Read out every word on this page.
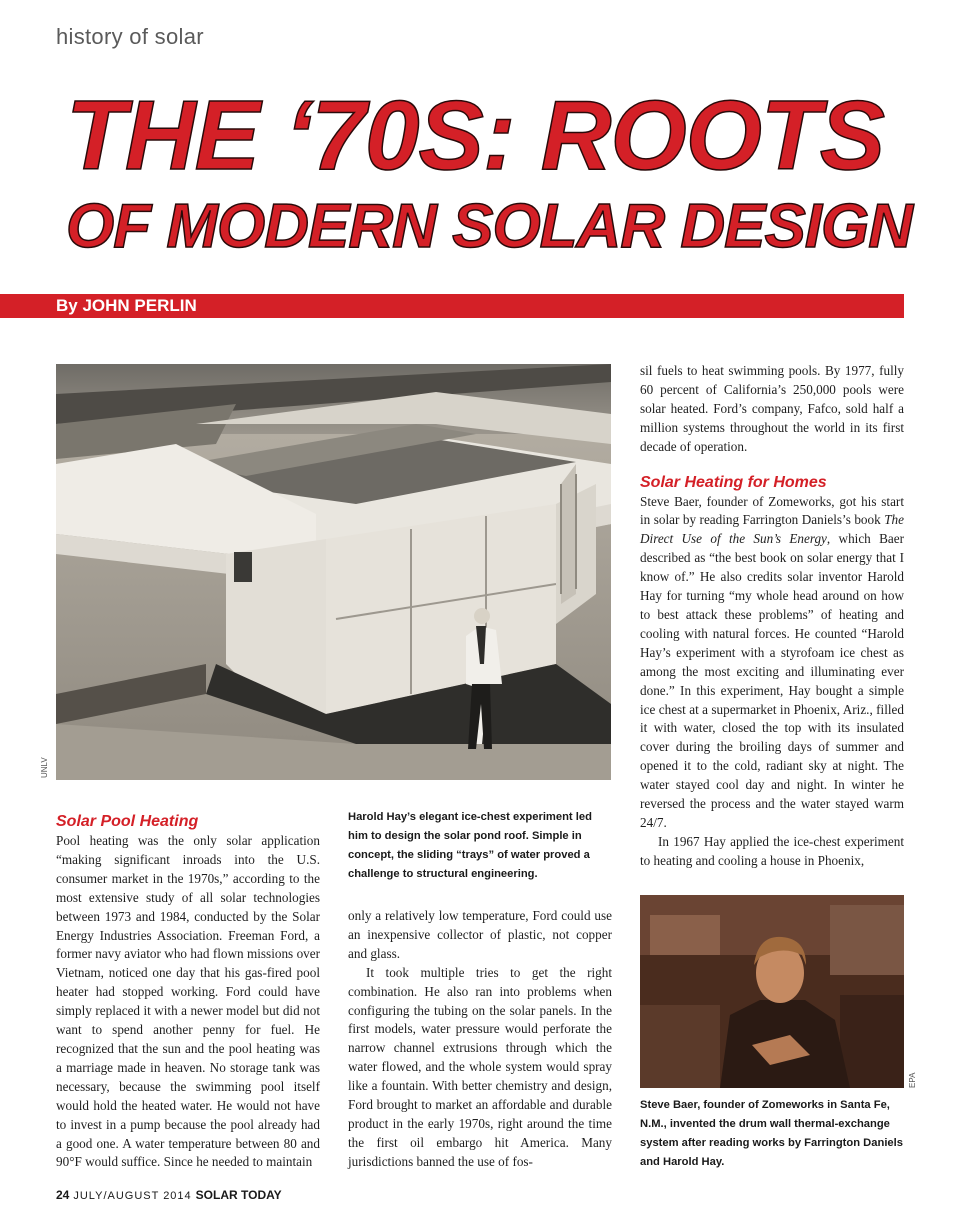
history of solar
THE ‘70S: ROOTS
OF MODERN SOLAR DESIGN
By JOHN PERLIN
UNLV
Solar Pool Heating

Pool heating was the only solar application “making significant inroads into the U.S. consumer market in the 1970s,” according to the most extensive study of all solar technologies between 1973 and 1984, conducted by the Solar Energy Industries Association. Freeman Ford, a former navy aviator who had flown missions over Vietnam, noticed one day that his gas-fired pool heater had stopped working. Ford could have simply replaced it with a newer model but did not want to spend another penny for fuel. He recognized that the sun and the pool heating was a marriage made in heaven. No storage tank was necessary, because the swimming pool itself would hold the heated water. He would not have to invest in a pump because the pool already had a good one. A water temperature between 80 and 90°F would suffice. Since he needed to maintain

Harold Hay’s elegant ice-chest experiment led him to design the solar pond roof. Simple in concept, the sliding “trays” of water proved a challenge to structural engineering.

only a relatively low temperature, Ford could use an inexpensive collector of plastic, not copper and glass.

It took multiple tries to get the right combination. He also ran into problems when configuring the tubing on the solar panels. In the first models, water pressure would perforate the narrow channel extrusions through which the water flowed, and the whole system would spray like a fountain. With better chemistry and design, Ford brought to market an affordable and durable product in the early 1970s, right around the time the first oil embargo hit America. Many jurisdictions banned the use of fos-

sil fuels to heat swimming pools. By 1977, fully 60 percent of California’s 250,000 pools were solar heated. Ford’s company, Fafco, sold half a million systems throughout the world in its first decade of operation.

Solar Heating for Homes

Steve Baer, founder of Zomeworks, got his start in solar by reading Farrington Daniels’s book The Direct Use of the Sun’s Energy, which Baer described as “the best book on solar energy that I know of.” He also credits solar inventor Harold Hay for turning “my whole head around on how to best attack these problems” of heating and cooling with natural forces. He counted “Harold Hay’s experiment with a styrofoam ice chest as among the most exciting and illuminating ever done.” In this experiment, Hay bought a simple ice chest at a supermarket in Phoenix, Ariz., filled it with water, closed the top with its insulated cover during the broiling days of summer and opened it to the cold, radiant sky at night. The water stayed cool day and night. In winter he reversed the process and the water stayed warm 24/7.

In 1967 Hay applied the ice-chest experiment to heating and cooling a house in Phoenix,

EPA
Steve Baer, founder of Zomeworks in Santa Fe, N.M., invented the drum wall thermal-exchange system after reading works by Farrington Daniels and Harold Hay.
24 JULY/AUGUST 2014 SOLAR TODAY
